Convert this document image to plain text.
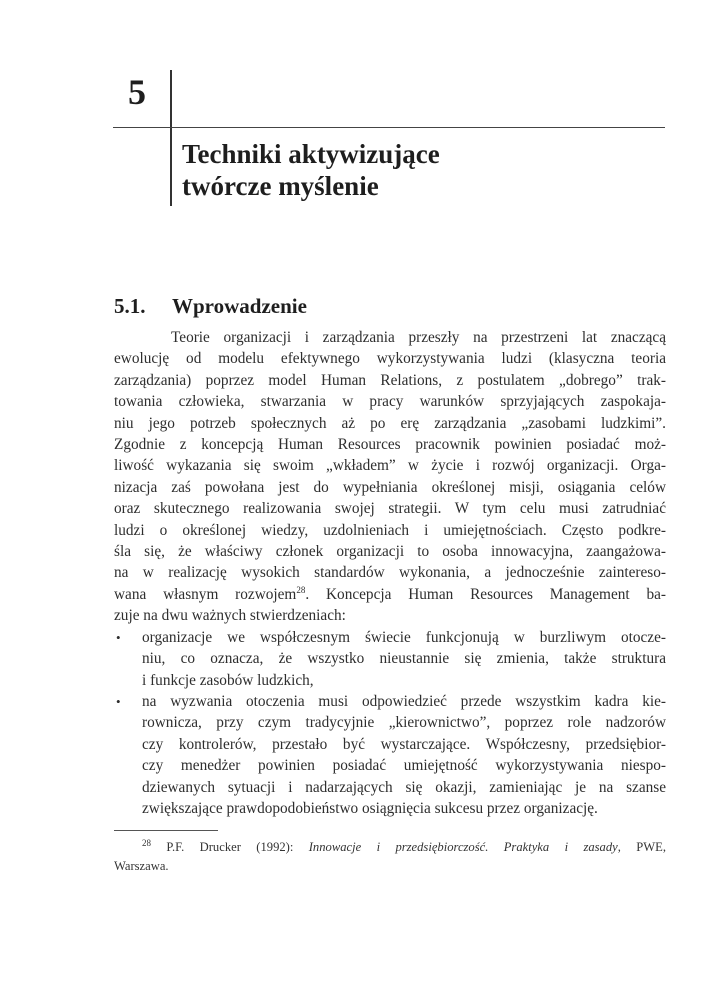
5
Techniki aktywizujące
twórcze myślenie
5.1. Wprowadzenie
Teorie organizacji i zarządzania przeszły na przestrzeni lat znaczącą
ewolucję od modelu efektywnego wykorzystywania ludzi (klasyczna teoria
zarządzania) poprzez model Human Relations, z postulatem „dobrego” trak-
towania człowieka, stwarzania w pracy warunków sprzyjających zaspokaja-
niu jego potrzeb społecznych aż po erę zarządzania „zasobami ludzkimi”.
Zgodnie z koncepcją Human Resources pracownik powinien posiadać moż-
liwość wykazania się swoim „wkładem” w życie i rozwój organizacji. Orga-
nizacja zaś powołana jest do wypełniania określonej misji, osiągania celów
oraz skutecznego realizowania swojej strategii. W tym celu musi zatrudniać
ludzi o określonej wiedzy, uzdolnieniach i umiejętnościach. Często podkre-
śla się, że właściwy członek organizacji to osoba innowacyjna, zaangażowa-
na w realizację wysokich standardów wykonania, a jednocześnie zaintereso-
wana własnym rozwojem$^{28}$. Koncepcja Human Resources Management ba-
zuje na dwu ważnych stwierdzeniach:
• organizacje we współczesnym świecie funkcjonują w burzliwym otocze-
niu, co oznacza, że wszystko nieustannie się zmienia, także struktura
i funkcje zasobów ludzkich,
• na wyzwania otoczenia musi odpowiedzieć przede wszystkim kadra kie-
rownicza, przy czym tradycyjnie „kierownictwo”, poprzez role nadzorów
czy kontrolerów, przestało być wystarczające. Współczesny, przedsiębior-
czy menedżer powinien posiadać umiejętność wykorzystywania niespo-
dziewanych sytuacji i nadarzających się okazji, zamieniając je na szanse
zwiększające prawdopodobieństwo osiągnięcia sukcesu przez organizację.
$^{28}$ P.F. Drucker (1992): Innowacje i przedsiębiorczość. Praktyka i zasady, PWE,
Warszawa.
